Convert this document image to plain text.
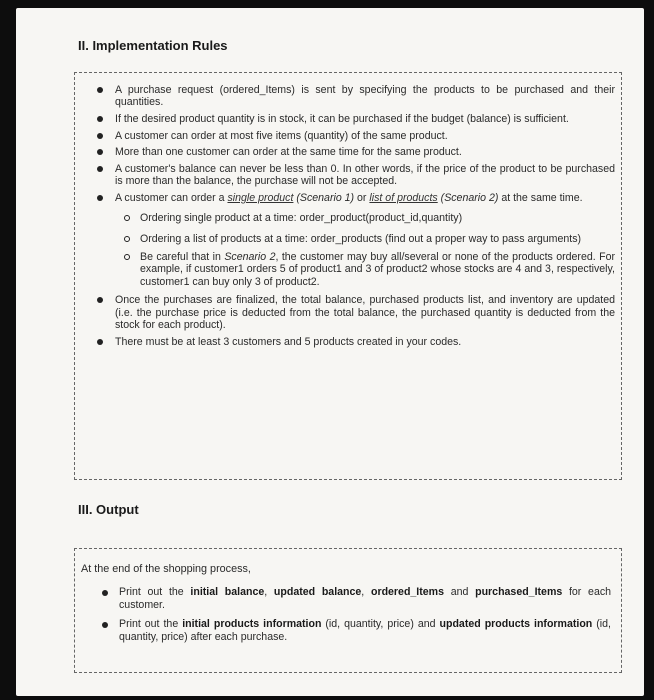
II. Implementation Rules
A purchase request (ordered_Items) is sent by specifying the products to be purchased and their quantities.
If the desired product quantity is in stock, it can be purchased if the budget (balance) is sufficient.
A customer can order at most five items (quantity) of the same product.
More than one customer can order at the same time for the same product.
A customer's balance can never be less than 0. In other words, if the price of the product to be purchased is more than the balance, the purchase will not be accepted.
A customer can order a single product (Scenario 1) or list of products (Scenario 2) at the same time.
Ordering single product at a time: order_product(product_id,quantity)
Ordering a list of products at a time: order_products (find out a proper way to pass arguments)
Be careful that in Scenario 2, the customer may buy all/several or none of the products ordered. For example, if customer1 orders 5 of product1 and 3 of product2 whose stocks are 4 and 3, respectively, customer1 can buy only 3 of product2.
Once the purchases are finalized, the total balance, purchased products list, and inventory are updated (i.e. the purchase price is deducted from the total balance, the purchased quantity is deducted from the stock for each product).
There must be at least 3 customers and 5 products created in your codes.
III. Output
At the end of the shopping process,
Print out the initial balance, updated balance, ordered_Items and purchased_Items for each customer.
Print out the initial products information (id, quantity, price) and updated products information (id, quantity, price) after each purchase.
